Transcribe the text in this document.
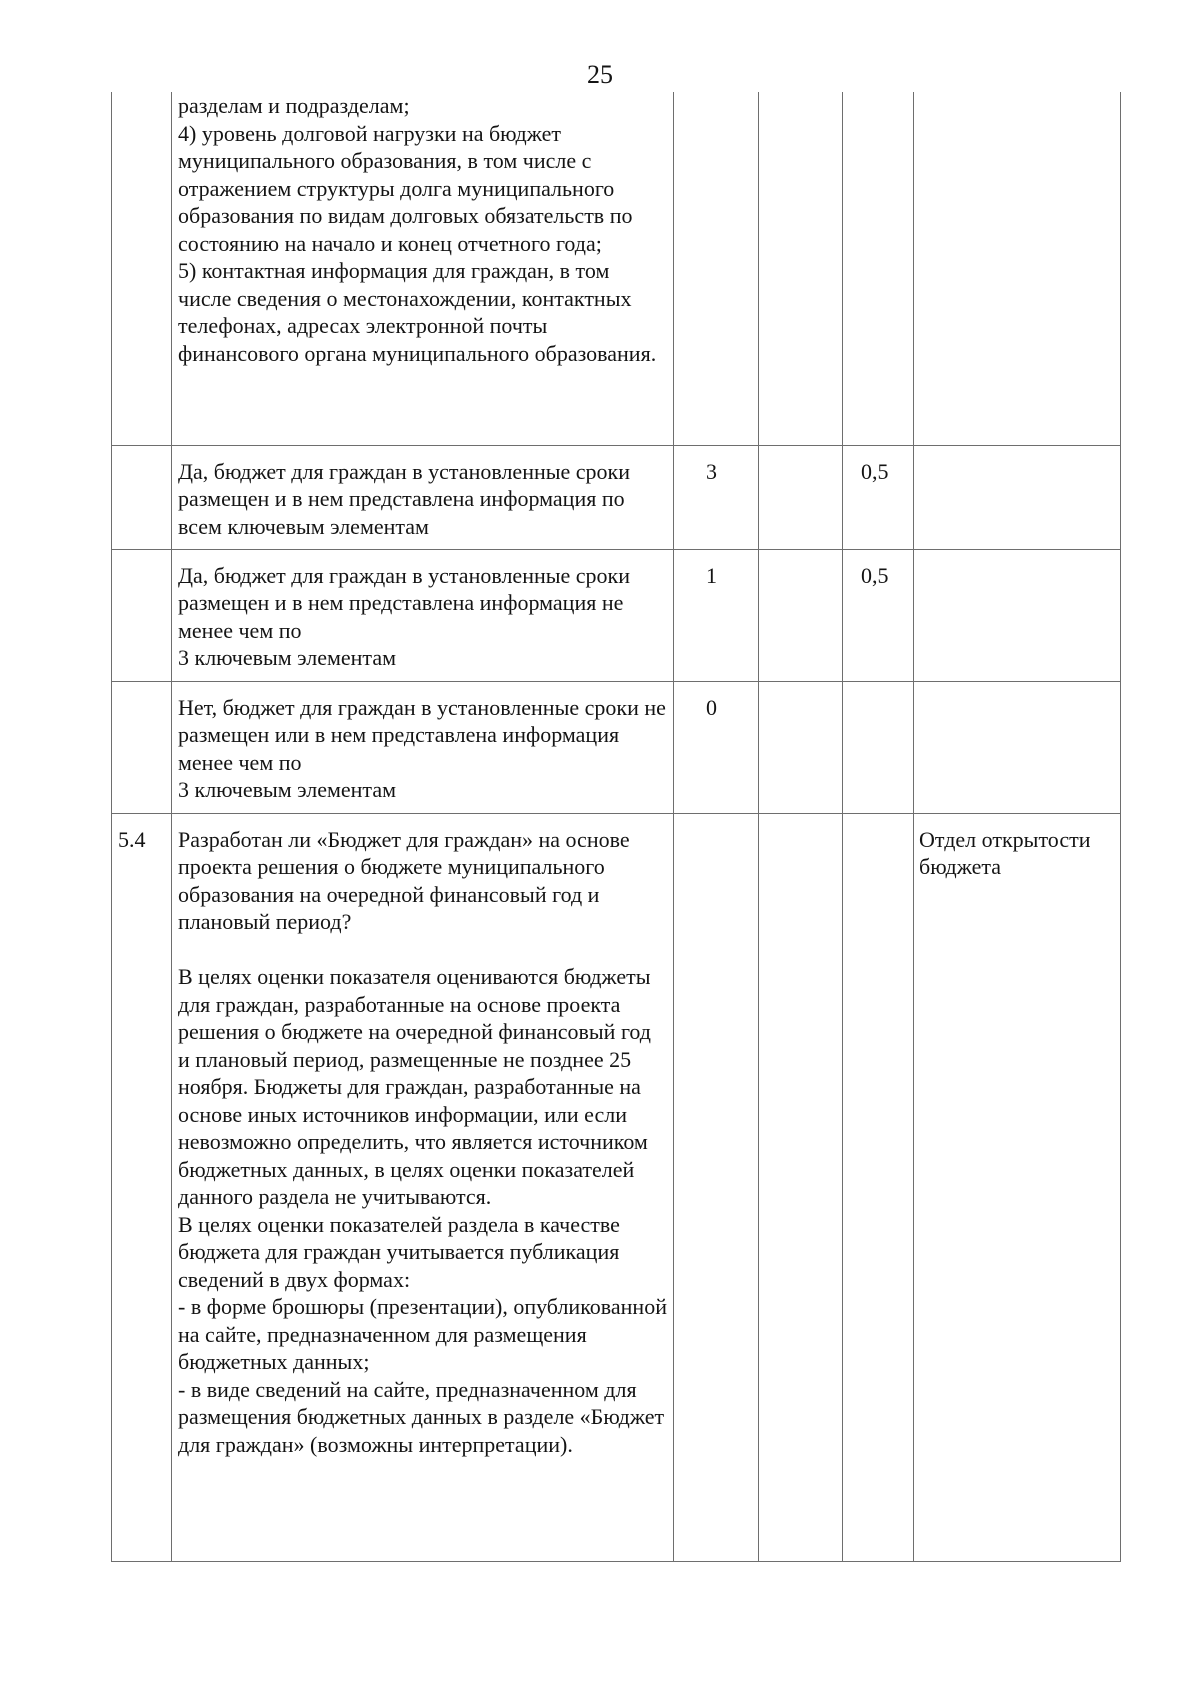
25
	разделам и подразделам;
4) уровень долговой нагрузки на бюджет муниципального образования, в том числе с отражением структуры долга муниципального образования по видам долговых обязательств по состоянию на начало и конец отчетного года;
5) контактная информация для граждан, в том числе сведения о местонахождении, контактных телефонах, адресах электронной почты финансового органа муниципального образования.				
	Да, бюджет для граждан в установленные сроки размещен и в нем представлена информация по всем ключевым элементам	3		0,5	
	Да, бюджет для граждан в установленные сроки размещен и в нем представлена информация не менее чем по
3 ключевым элементам	1		0,5	
	Нет, бюджет для граждан в установленные сроки не размещен или в нем представлена информация менее чем по
3 ключевым элементам	0			
5.4	Разработан ли «Бюджет для граждан» на основе проекта решения о бюджете муниципального образования на очередной финансовый год и плановый период?

В целях оценки показателя оцениваются бюджеты для граждан, разработанные на основе проекта решения о бюджете на очередной финансовый год и плановый период, размещенные не позднее 25 ноября. Бюджеты для граждан, разработанные на основе иных источников информации, или если невозможно определить, что является источником бюджетных данных, в целях оценки показателей данного раздела не учитываются.
В целях оценки показателей раздела в качестве бюджета для граждан учитывается публикация сведений в двух формах:
- в форме брошюры (презентации), опубликованной на сайте, предназначенном для размещения бюджетных данных;
- в виде сведений на сайте, предназначенном для размещения бюджетных данных в разделе «Бюджет для граждан» (возможны интерпретации).				Отдел открытости бюджета
